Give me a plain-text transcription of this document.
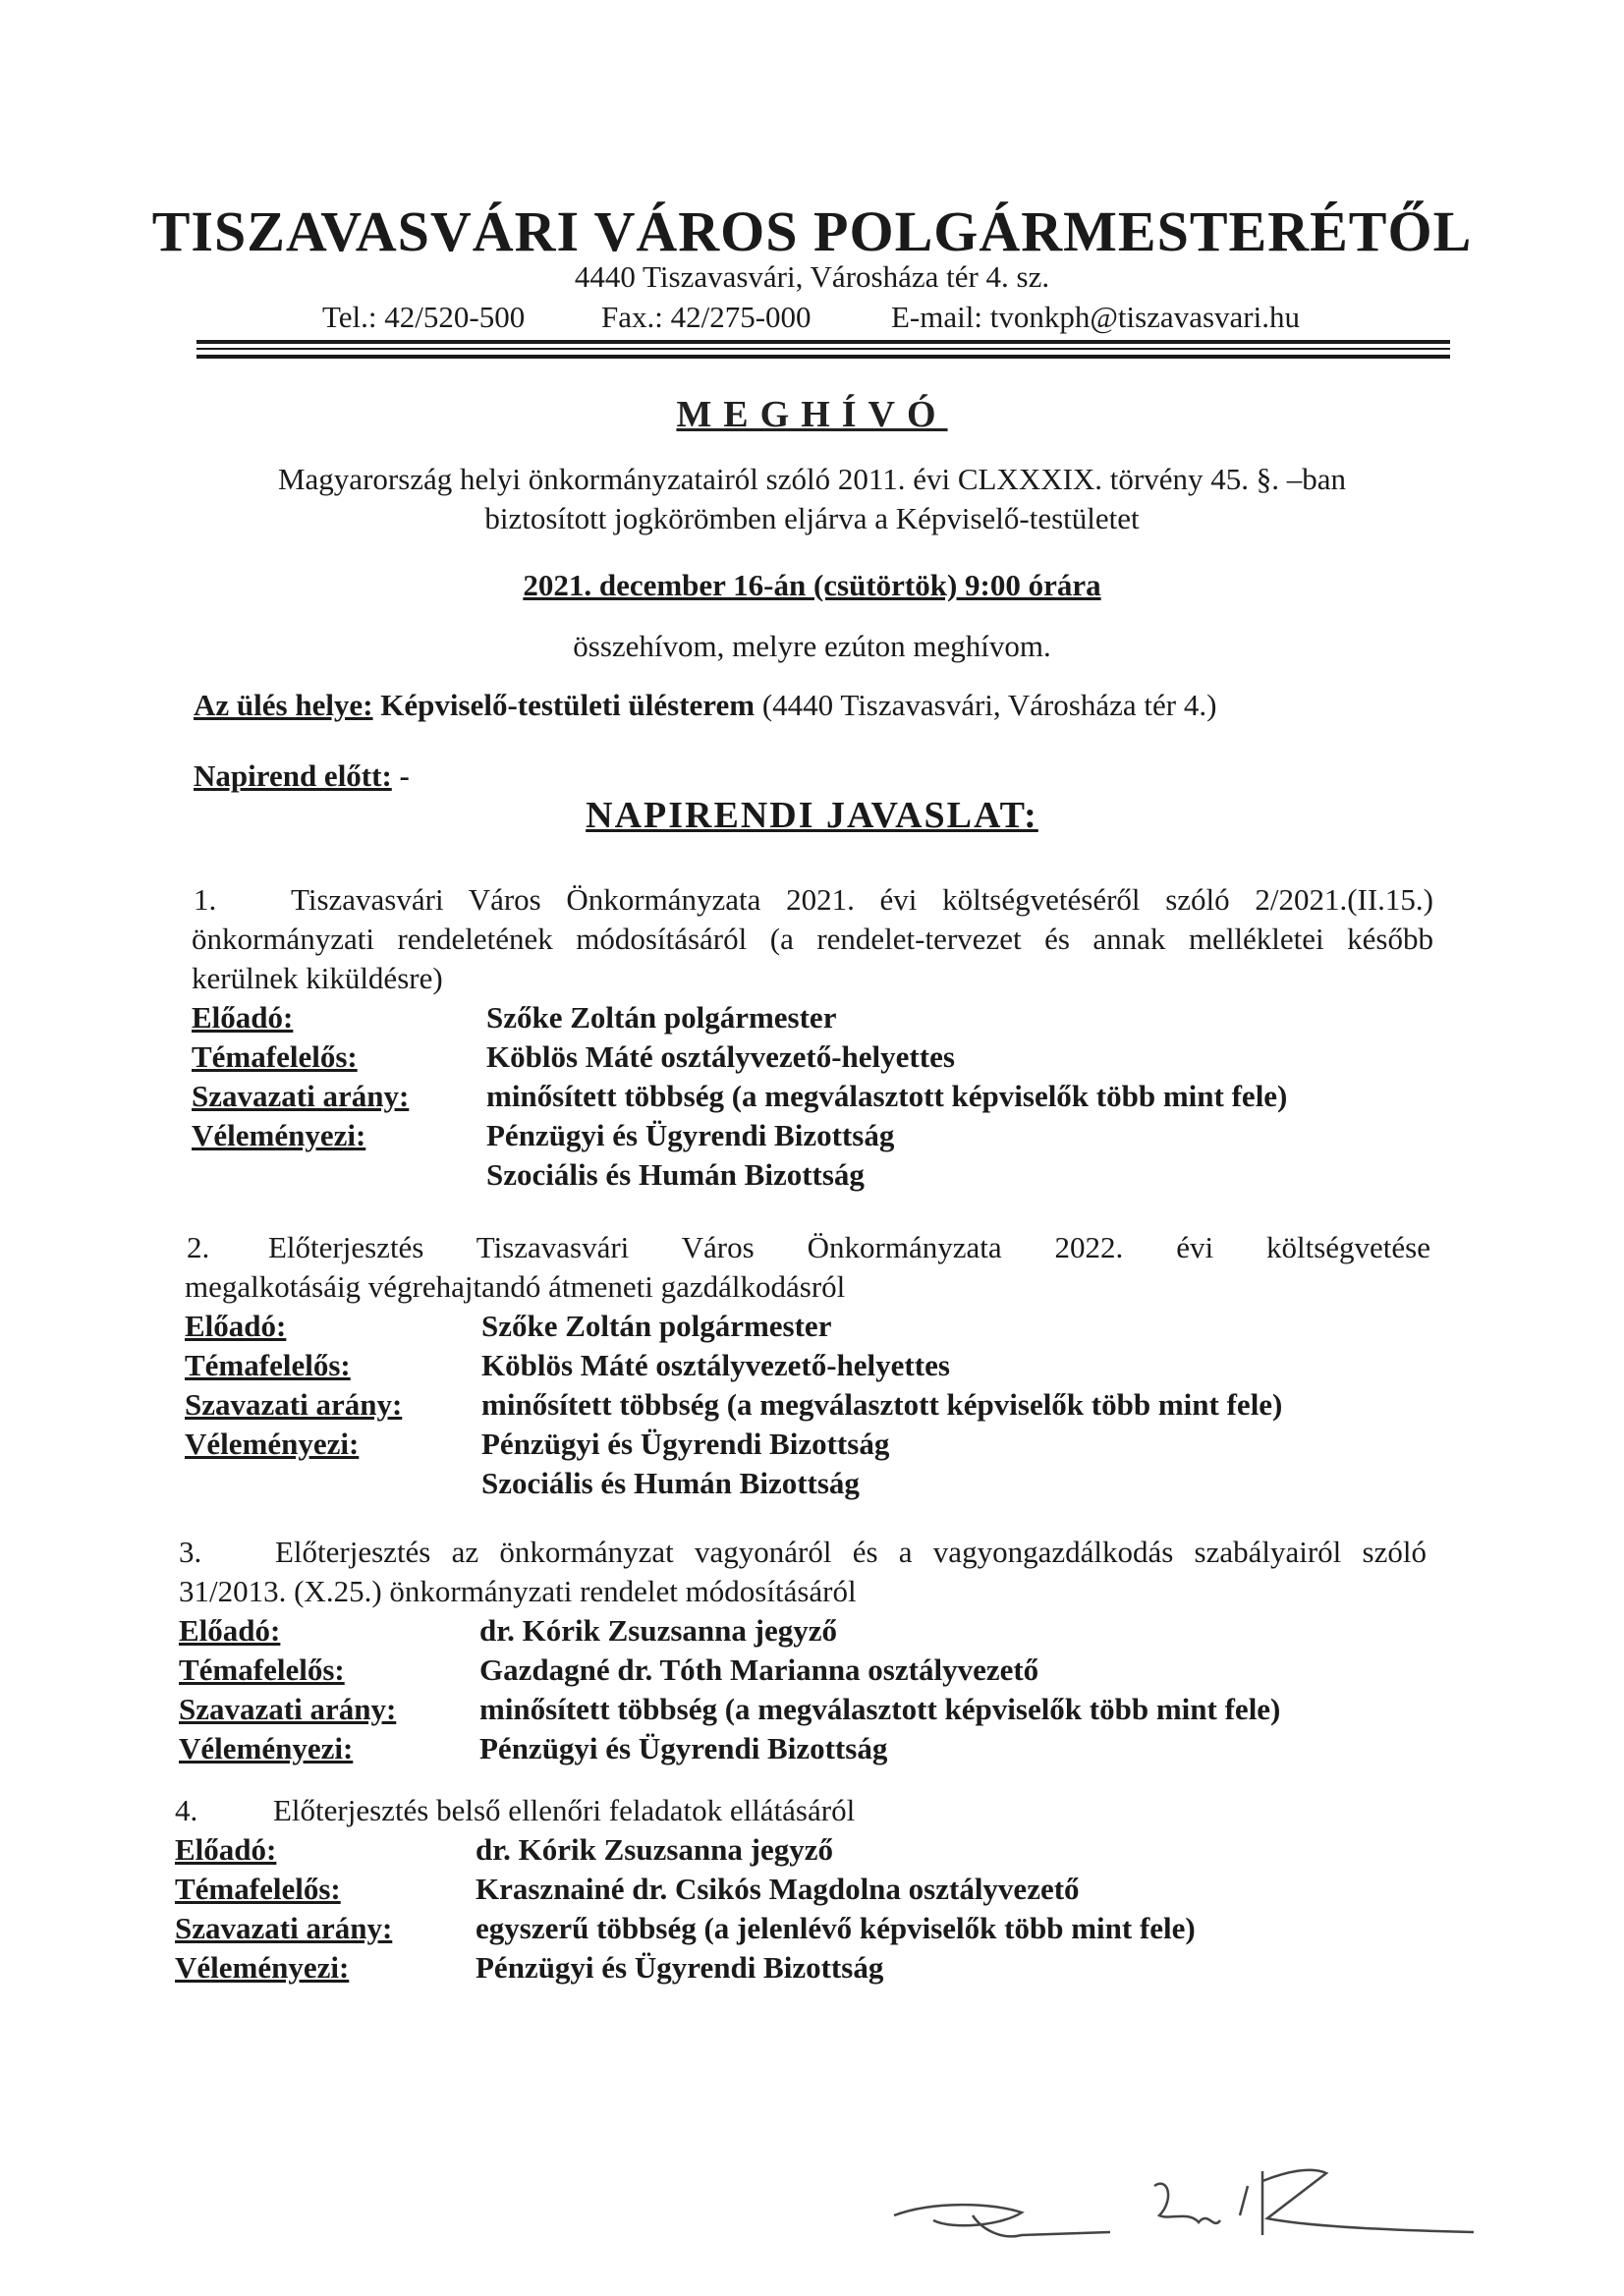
TISZAVASVÁRI VÁROS POLGÁRMESTERÉTŐL
4440 Tiszavasvári, Városháza tér 4. sz.
Tel.: 42/520-500	Fax.: 42/275-000	E-mail: tvonkph@tiszavasvari.hu
MEGHÍVÓ
Magyarország helyi önkormányzatairól szóló 2011. évi CLXXXIX. törvény 45. §. –ban
biztosított jogkörömben eljárva a Képviselő-testületet
2021. december 16-án (csütörtök) 9:00 órára
összehívom, melyre ezúton meghívom.
Az ülés helye: Képviselő-testületi ülésterem (4440 Tiszavasvári, Városháza tér 4.)
Napirend előtt: -
NAPIRENDI JAVASLAT:
1. Tiszavasvári Város Önkormányzata 2021. évi költségvetéséről szóló 2/2021.(II.15.)
önkormányzati rendeletének módosításáról (a rendelet-tervezet és annak mellékletei később
kerülnek kiküldésre)
Előadó:	Szőke Zoltán polgármester
Témafelelős:	Köblös Máté osztályvezető-helyettes
Szavazati arány:	minősített többség (a megválasztott képviselők több mint fele)
Véleményezi:	Pénzügyi és Ügyrendi Bizottság
Szociális és Humán Bizottság
2. Előterjesztés Tiszavasvári Város Önkormányzata 2022. évi költségvetése
megalkotásáig végrehajtandó átmeneti gazdálkodásról
Előadó:	Szőke Zoltán polgármester
Témafelelős:	Köblös Máté osztályvezető-helyettes
Szavazati arány:	minősített többség (a megválasztott képviselők több mint fele)
Véleményezi:	Pénzügyi és Ügyrendi Bizottság
Szociális és Humán Bizottság
3. Előterjesztés az önkormányzat vagyonáról és a vagyongazdálkodás szabályairól szóló
31/2013. (X.25.) önkormányzati rendelet módosításáról
Előadó:	dr. Kórik Zsuzsanna jegyző
Témafelelős:	Gazdagné dr. Tóth Marianna osztályvezető
Szavazati arány:	minősített többség (a megválasztott képviselők több mint fele)
Véleményezi:	Pénzügyi és Ügyrendi Bizottság
4. Előterjesztés belső ellenőri feladatok ellátásáról
Előadó:	dr. Kórik Zsuzsanna jegyző
Témafelelős:	Krasznainé dr. Csikós Magdolna osztályvezető
Szavazati arány:	egyszerű többség (a jelenlévő képviselők több mint fele)
Véleményezi:	Pénzügyi és Ügyrendi Bizottság
